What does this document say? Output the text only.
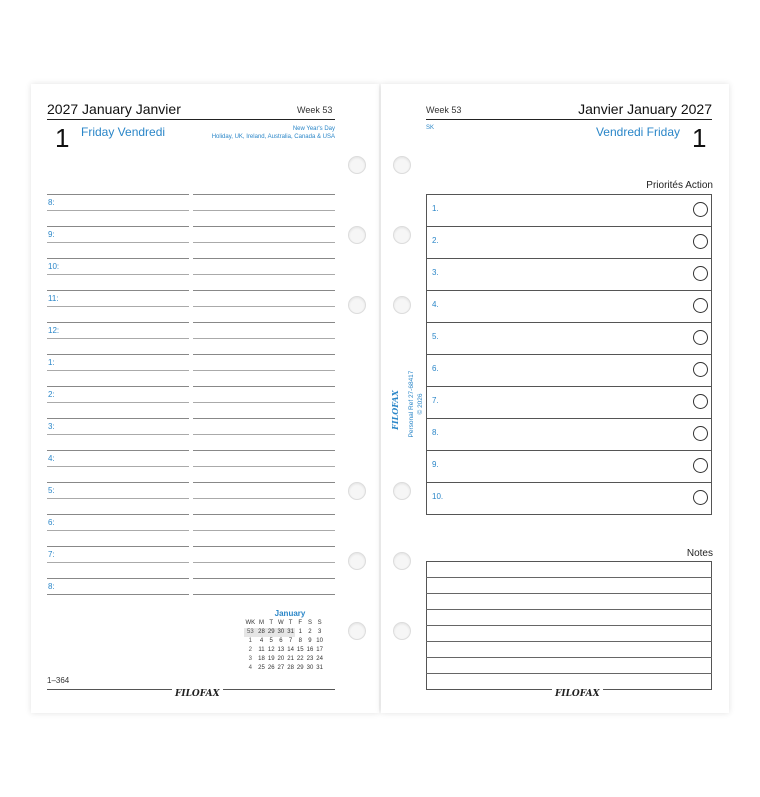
2027 January Janvier	Week 53
1 Friday Vendredi	New Year's Day
Holiday, UK, Ireland, Australia, Canada & USA
8:
9:
10:
11:
12:
1:
2:
3:
4:
5:
6:
7:
8:
January
WK	M	T	W	T	F	S	S
53	28	29	30	31	1	2	3
1	4	5	6	7	8	9	10
2	11	12	13	14	15	16	17
3	18	19	20	21	22	23	24
4	25	26	27	28	29	30	31
1–364
FILOFAX
Week 53	Janvier January 2027
SK	Vendredi Friday 1
Priorités Action
1.
2.
3.
4.
5.
6.
7.
8.
9.
10.
Notes
FILOFAX
Personal Ref 27-68417 © 2026
FILOFAX
